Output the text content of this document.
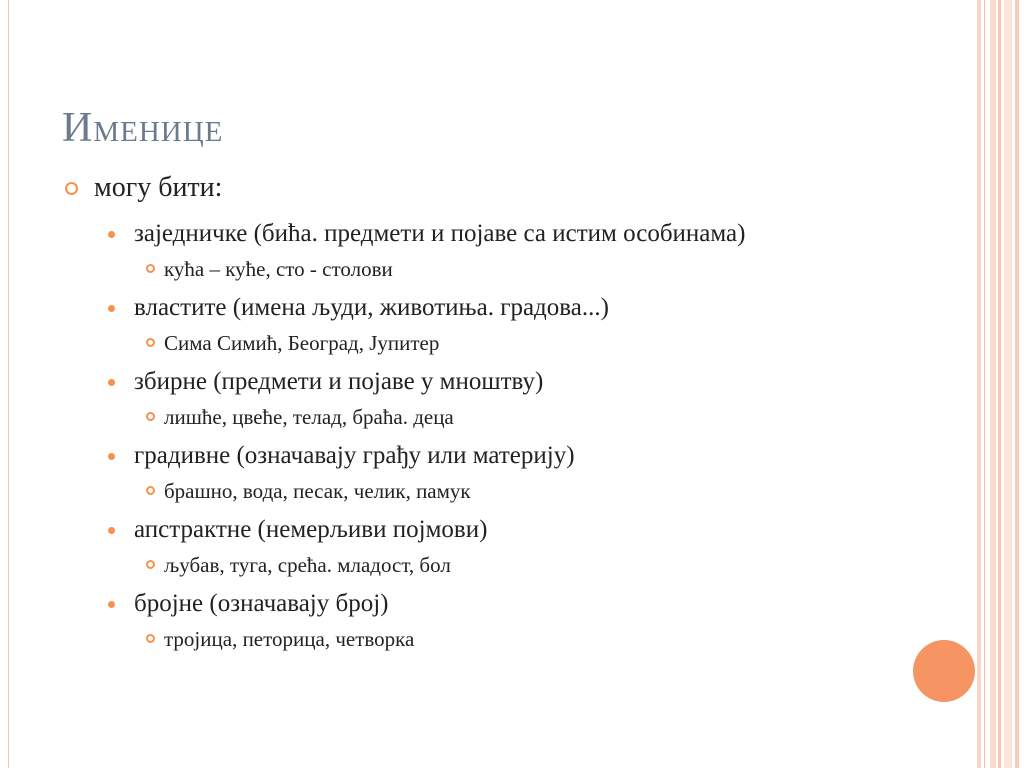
Именице
могу бити:
заједничке (бића. предмети и појаве са истим особинама)
кућа – куће, сто - столови
властите (имена људи, животиња. градова...)
Сима Симић, Београд, Јупитер
збирне (предмети и појаве у мноштву)
лишће, цвеће, телад, браћа. деца
градивне (означавају грађу или материју)
брашно, вода, песак, челик, памук
апстрактне (немерљиви појмови)
љубав, туга, срећа. младост, бол
бројне (означавају број)
тројица, петорица, четворка
